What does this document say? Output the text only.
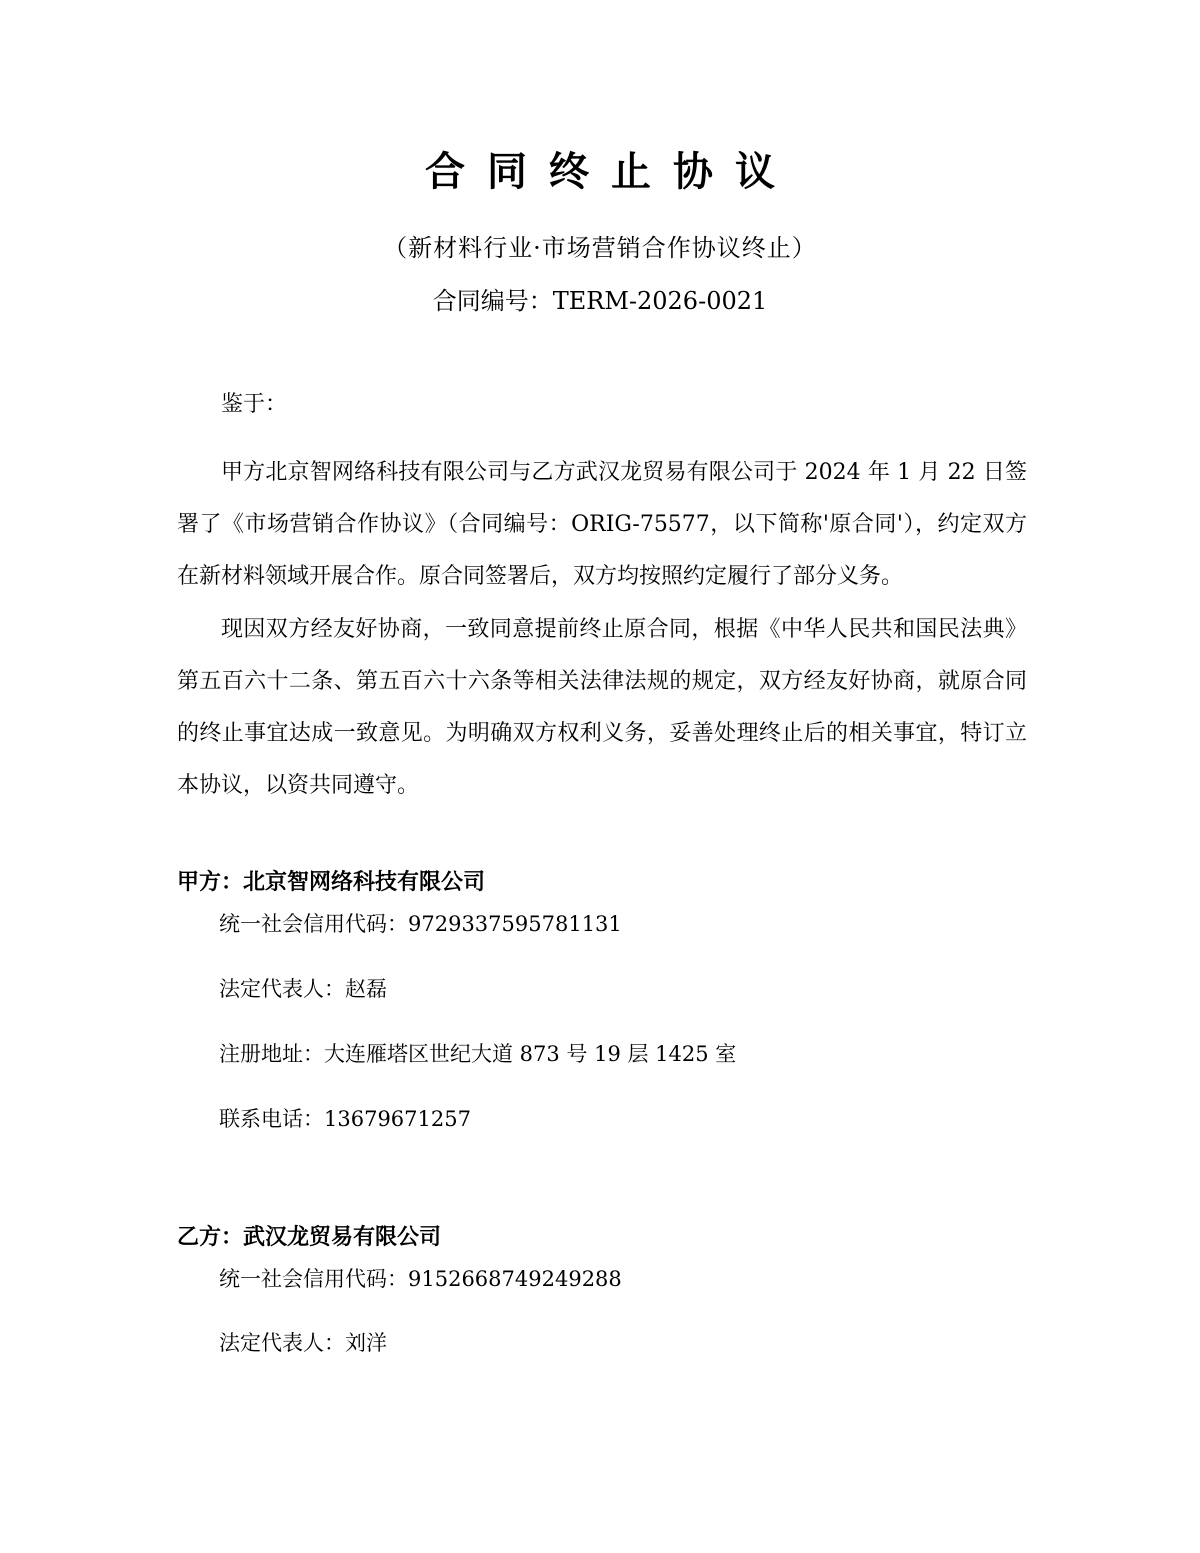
合同终止协议
（新材料行业·市场营销合作协议终止）
合同编号：TERM-2026-0021
鉴于：

甲方北京智网络科技有限公司与乙方武汉龙贸易有限公司于 2024 年 1 月 22 日签署了《市场营销合作协议》（合同编号：ORIG-75577，以下简称'原合同'），约定双方在新材料领域开展合作。原合同签署后，双方均按照约定履行了部分义务。

现因双方经友好协商，一致同意提前终止原合同，根据《中华人民共和国民法典》第五百六十二条、第五百六十六条等相关法律法规的规定，双方经友好协商，就原合同的终止事宜达成一致意见。为明确双方权利义务，妥善处理终止后的相关事宜，特订立本协议，以资共同遵守。

甲方：北京智网络科技有限公司
统一社会信用代码：9729337595781131
法定代表人：赵磊
注册地址：大连雁塔区世纪大道 873 号 19 层 1425 室
联系电话：13679671257
乙方：武汉龙贸易有限公司
统一社会信用代码：9152668749249288
法定代表人：刘洋
